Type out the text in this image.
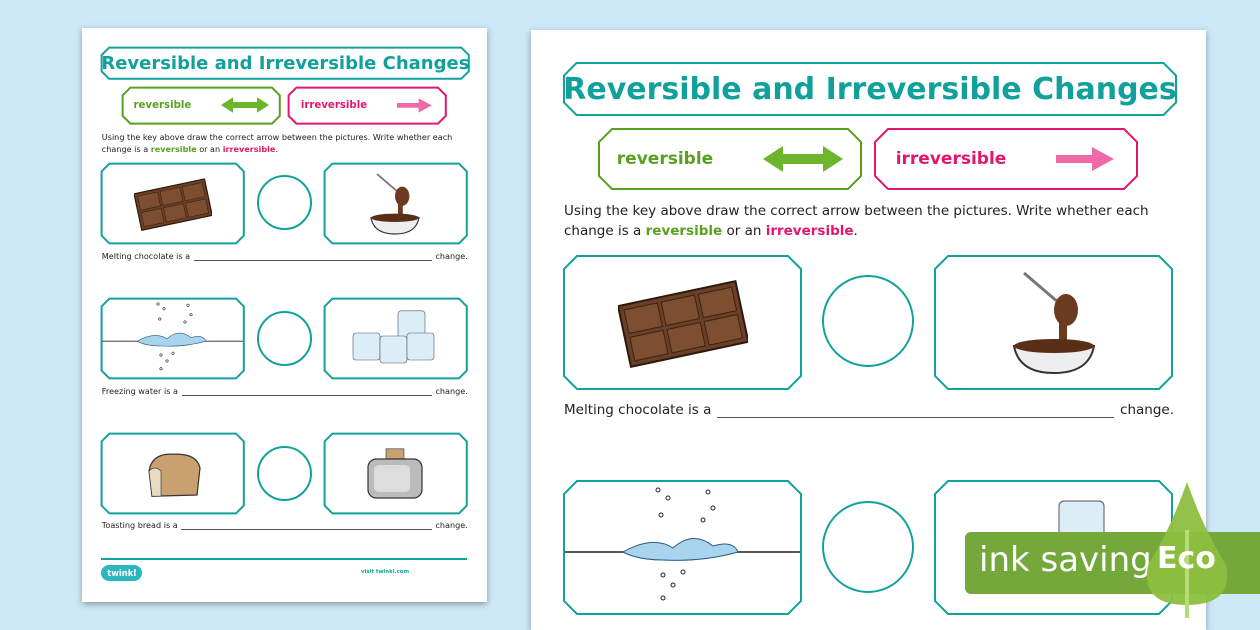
Reversible and Irreversible Changes
reversible	irreversible
Using the key above draw the correct arrow between the pictures. Write whether each change is a reversible or an irreversible.
Melting chocolate is a	change.
Freezing water is a	change.
Toasting bread is a	change.
twinkl	visit twinkl.com
Reversible and Irreversible Changes
reversible	irreversible
Using the key above draw the correct arrow between the pictures. Write whether each change is a reversible or an irreversible.
Melting chocolate is a	change.
ink saving Eco
